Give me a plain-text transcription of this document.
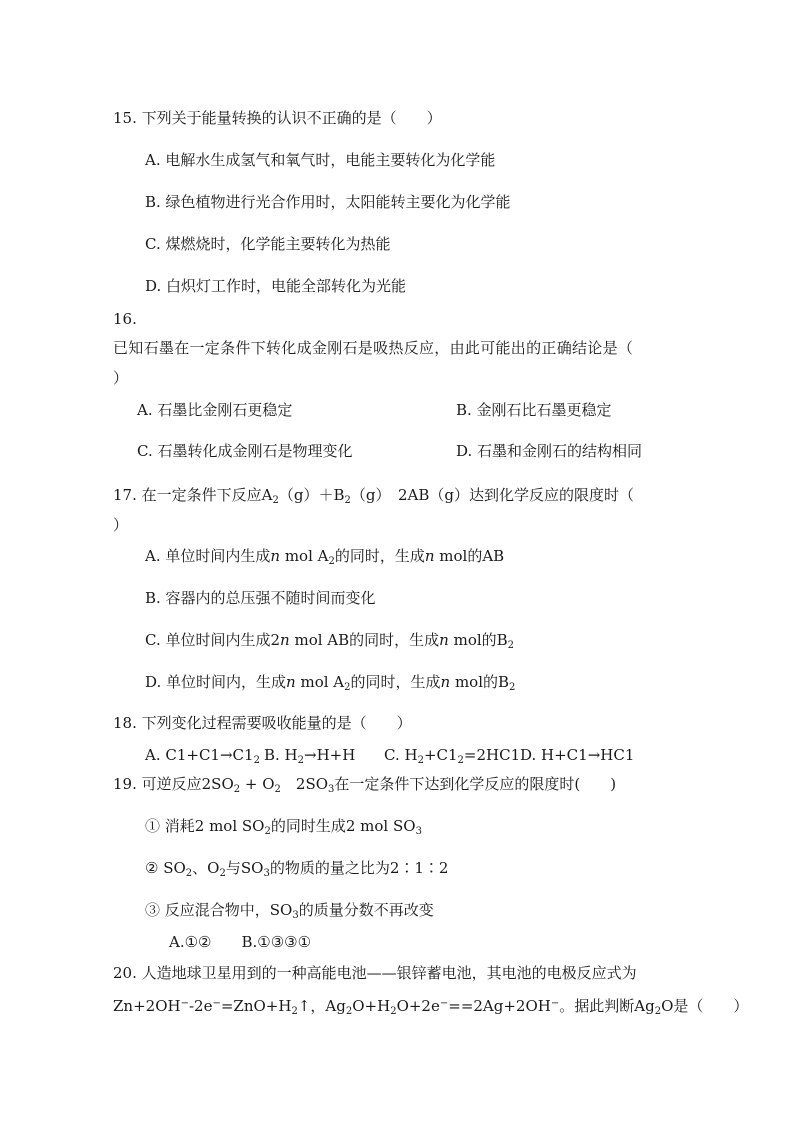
15. 下列关于能量转换的认识不正确的是（　　）
A. 电解水生成氢气和氧气时，电能主要转化为化学能
B. 绿色植物进行光合作用时，太阳能转主要化为化学能
C. 煤燃烧时，化学能主要转化为热能
D. 白炽灯工作时，电能全部转化为光能
16.
已知石墨在一定条件下转化成金刚石是吸热反应，由此可能出的正确结论是（
）
A. 石墨比金刚石更稳定	B. 金刚石比石墨更稳定
C. 石墨转化成金刚石是物理变化	D. 石墨和金刚石的结构相同
17. 在一定条件下反应$A_2(g)+B_2(g)$　2AB（g）达到化学反应的限度时（
）
A. 单位时间内生成n mol $A_2$的同时，生成n mol的AB
B. 容器内的总压强不随时间而变化
C. 单位时间内生成2n mol AB的同时，生成n mol的$B_2$
D. 单位时间内，生成n mol $A_2$的同时，生成n mol的$B_2$
18. 下列变化过程需要吸收能量的是（　　）
A. $C1+C1\to C1_2$ B. $H_2\to H+H$ C. $H_2+C1_2=2HC1$ D. H+C1→HC1
19. 可逆反应$2SO_2 + O_2$　$2SO_3$在一定条件下达到化学反应的限度时(　　)
① 消耗2 mol $SO_2$的同时生成2 mol $SO_3$
② $SO_2$、$O_2$与$SO_3$的物质的量之比为2∶1∶2
③ 反应混合物中，$SO_3$的质量分数不再改变
A.①②　　B.①③③①
20. 人造地球卫星用到的一种高能电池——银锌蓄电池，其电池的电极反应式为
$Zn+2OH^--2e^-=ZnO+H_2↑$，$Ag_2O+H_2O+2e^-==2Ag+2OH^-$。据此判断$Ag_2O$是（　　）
